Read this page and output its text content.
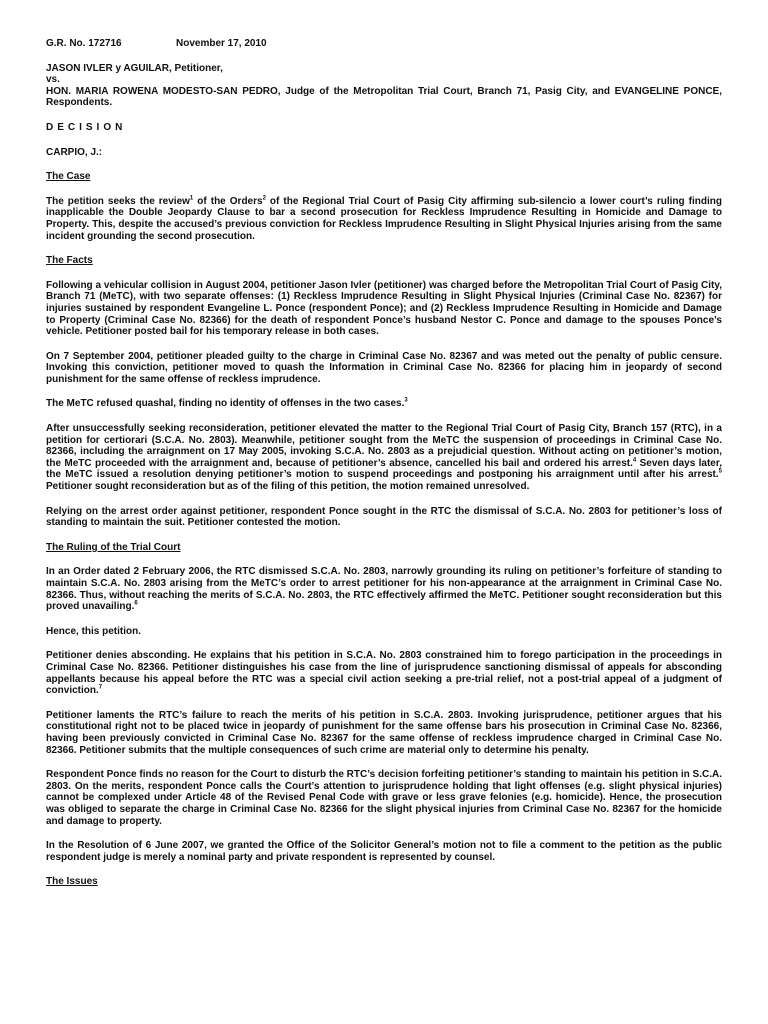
G.R. No. 172716	November 17, 2010
JASON IVLER y AGUILAR, Petitioner,
vs.
HON. MARIA ROWENA MODESTO-SAN PEDRO, Judge of the Metropolitan Trial Court, Branch 71, Pasig City, and EVANGELINE PONCE, Respondents.
DECISION
CARPIO, J.:
The Case

The petition seeks the review$^1$ of the Orders$^2$ of the Regional Trial Court of Pasig City affirming sub-silencio a lower court’s ruling finding inapplicable the Double Jeopardy Clause to bar a second prosecution for Reckless Imprudence Resulting in Homicide and Damage to Property. This, despite the accused’s previous conviction for Reckless Imprudence Resulting in Slight Physical Injuries arising from the same incident grounding the second prosecution.

The Facts

Following a vehicular collision in August 2004, petitioner Jason Ivler (petitioner) was charged before the Metropolitan Trial Court of Pasig City, Branch 71 (MeTC), with two separate offenses: (1) Reckless Imprudence Resulting in Slight Physical Injuries (Criminal Case No. 82367) for injuries sustained by respondent Evangeline L. Ponce (respondent Ponce); and (2) Reckless Imprudence Resulting in Homicide and Damage to Property (Criminal Case No. 82366) for the death of respondent Ponce’s husband Nestor C. Ponce and damage to the spouses Ponce’s vehicle. Petitioner posted bail for his temporary release in both cases.

On 7 September 2004, petitioner pleaded guilty to the charge in Criminal Case No. 82367 and was meted out the penalty of public censure. Invoking this conviction, petitioner moved to quash the Information in Criminal Case No. 82366 for placing him in jeopardy of second punishment for the same offense of reckless imprudence.

The MeTC refused quashal, finding no identity of offenses in the two cases.$^3$

After unsuccessfully seeking reconsideration, petitioner elevated the matter to the Regional Trial Court of Pasig City, Branch 157 (RTC), in a petition for certiorari (S.C.A. No. 2803). Meanwhile, petitioner sought from the MeTC the suspension of proceedings in Criminal Case No. 82366, including the arraignment on 17 May 2005, invoking S.C.A. No. 2803 as a prejudicial question. Without acting on petitioner’s motion, the MeTC proceeded with the arraignment and, because of petitioner’s absence, cancelled his bail and ordered his arrest.$^4$ Seven days later, the MeTC issued a resolution denying petitioner’s motion to suspend proceedings and postponing his arraignment until after his arrest.$^5$ Petitioner sought reconsideration but as of the filing of this petition, the motion remained unresolved.

Relying on the arrest order against petitioner, respondent Ponce sought in the RTC the dismissal of S.C.A. No. 2803 for petitioner’s loss of standing to maintain the suit. Petitioner contested the motion.

The Ruling of the Trial Court

In an Order dated 2 February 2006, the RTC dismissed S.C.A. No. 2803, narrowly grounding its ruling on petitioner’s forfeiture of standing to maintain S.C.A. No. 2803 arising from the MeTC’s order to arrest petitioner for his non-appearance at the arraignment in Criminal Case No. 82366. Thus, without reaching the merits of S.C.A. No. 2803, the RTC effectively affirmed the MeTC. Petitioner sought reconsideration but this proved unavailing.$^6$

Hence, this petition.

Petitioner denies absconding. He explains that his petition in S.C.A. No. 2803 constrained him to forego participation in the proceedings in Criminal Case No. 82366. Petitioner distinguishes his case from the line of jurisprudence sanctioning dismissal of appeals for absconding appellants because his appeal before the RTC was a special civil action seeking a pre-trial relief, not a post-trial appeal of a judgment of conviction.$^7$

Petitioner laments the RTC’s failure to reach the merits of his petition in S.C.A. 2803. Invoking jurisprudence, petitioner argues that his constitutional right not to be placed twice in jeopardy of punishment for the same offense bars his prosecution in Criminal Case No. 82366, having been previously convicted in Criminal Case No. 82367 for the same offense of reckless imprudence charged in Criminal Case No. 82366. Petitioner submits that the multiple consequences of such crime are material only to determine his penalty.

Respondent Ponce finds no reason for the Court to disturb the RTC’s decision forfeiting petitioner’s standing to maintain his petition in S.C.A. 2803. On the merits, respondent Ponce calls the Court’s attention to jurisprudence holding that light offenses (e.g. slight physical injuries) cannot be complexed under Article 48 of the Revised Penal Code with grave or less grave felonies (e.g. homicide). Hence, the prosecution was obliged to separate the charge in Criminal Case No. 82366 for the slight physical injuries from Criminal Case No. 82367 for the homicide and damage to property.

In the Resolution of 6 June 2007, we granted the Office of the Solicitor General’s motion not to file a comment to the petition as the public respondent judge is merely a nominal party and private respondent is represented by counsel.

The Issues
